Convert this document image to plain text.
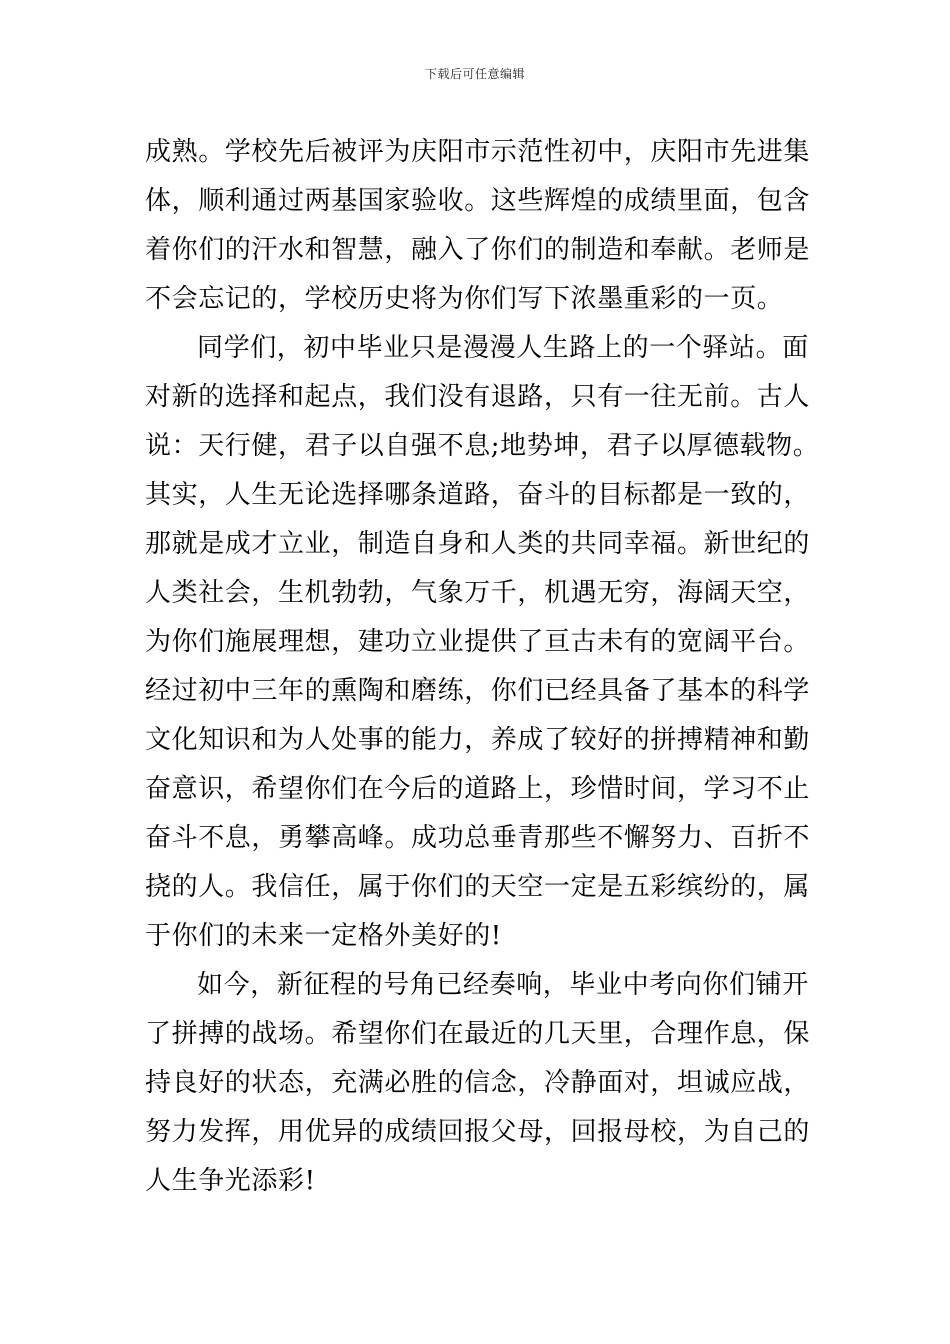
下载后可任意编辑
成熟。学校先后被评为庆阳市示范性初中，庆阳市先进集
体，顺利通过两基国家验收。这些辉煌的成绩里面，包含
着你们的汗水和智慧，融入了你们的制造和奉献。老师是
不会忘记的，学校历史将为你们写下浓墨重彩的一页。
同学们，初中毕业只是漫漫人生路上的一个驿站。面
对新的选择和起点，我们没有退路，只有一往无前。古人
说：天行健，君子以自强不息;地势坤，君子以厚德载物。
其实，人生无论选择哪条道路，奋斗的目标都是一致的，
那就是成才立业，制造自身和人类的共同幸福。新世纪的
人类社会，生机勃勃，气象万千，机遇无穷，海阔天空，
为你们施展理想，建功立业提供了亘古未有的宽阔平台。
经过初中三年的熏陶和磨练，你们已经具备了基本的科学
文化知识和为人处事的能力，养成了较好的拼搏精神和勤
奋意识，希望你们在今后的道路上，珍惜时间，学习不止
奋斗不息，勇攀高峰。成功总垂青那些不懈努力、百折不
挠的人。我信任，属于你们的天空一定是五彩缤纷的，属
于你们的未来一定格外美好的!
如今，新征程的号角已经奏响，毕业中考向你们铺开
了拼搏的战场。希望你们在最近的几天里，合理作息，保
持良好的状态，充满必胜的信念，冷静面对，坦诚应战，
努力发挥，用优异的成绩回报父母，回报母校，为自己的
人生争光添彩!
